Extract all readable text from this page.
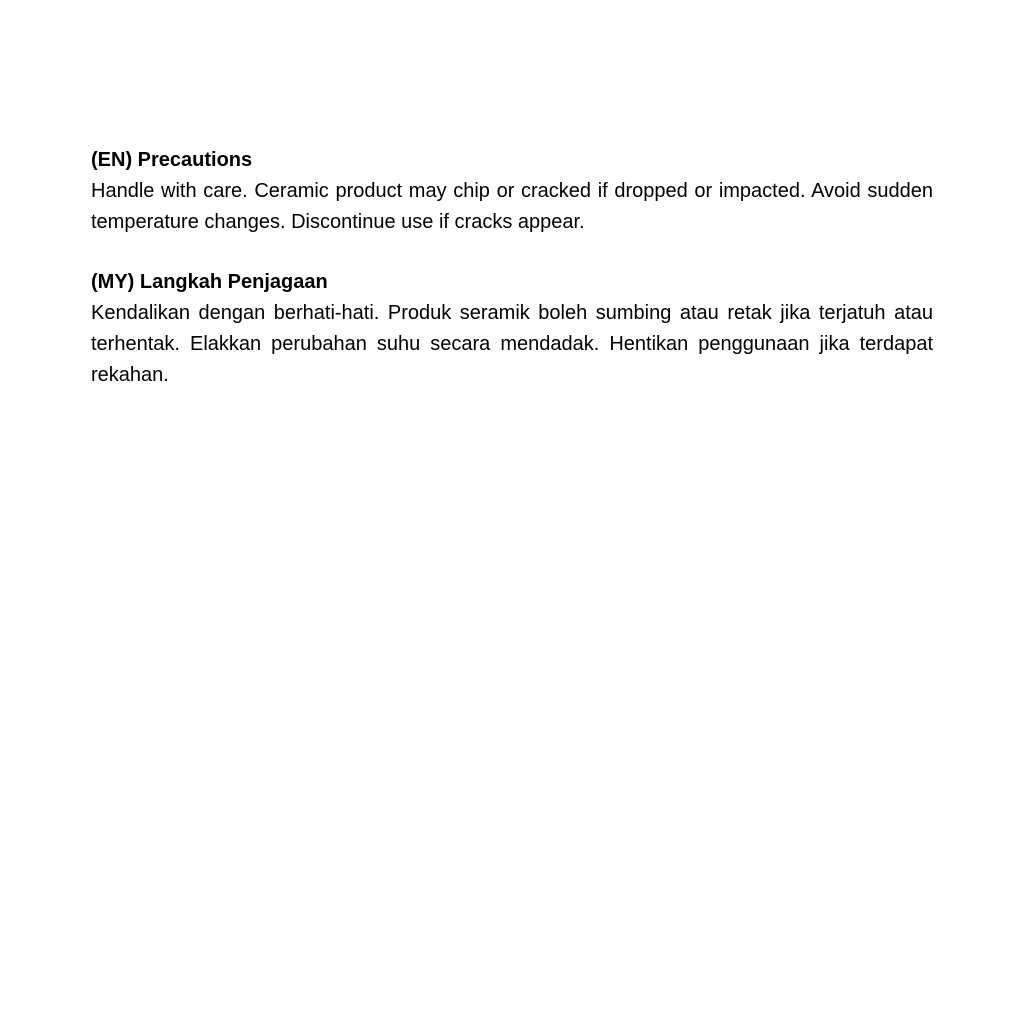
(EN) Precautions

Handle with care. Ceramic product may chip or cracked if dropped or impacted. Avoid sudden temperature changes. Discontinue use if cracks appear.

(MY) Langkah Penjagaan

Kendalikan dengan berhati-hati. Produk seramik boleh sumbing atau retak jika terjatuh atau terhentak. Elakkan perubahan suhu secara mendadak. Hentikan penggunaan jika terdapat rekahan.
